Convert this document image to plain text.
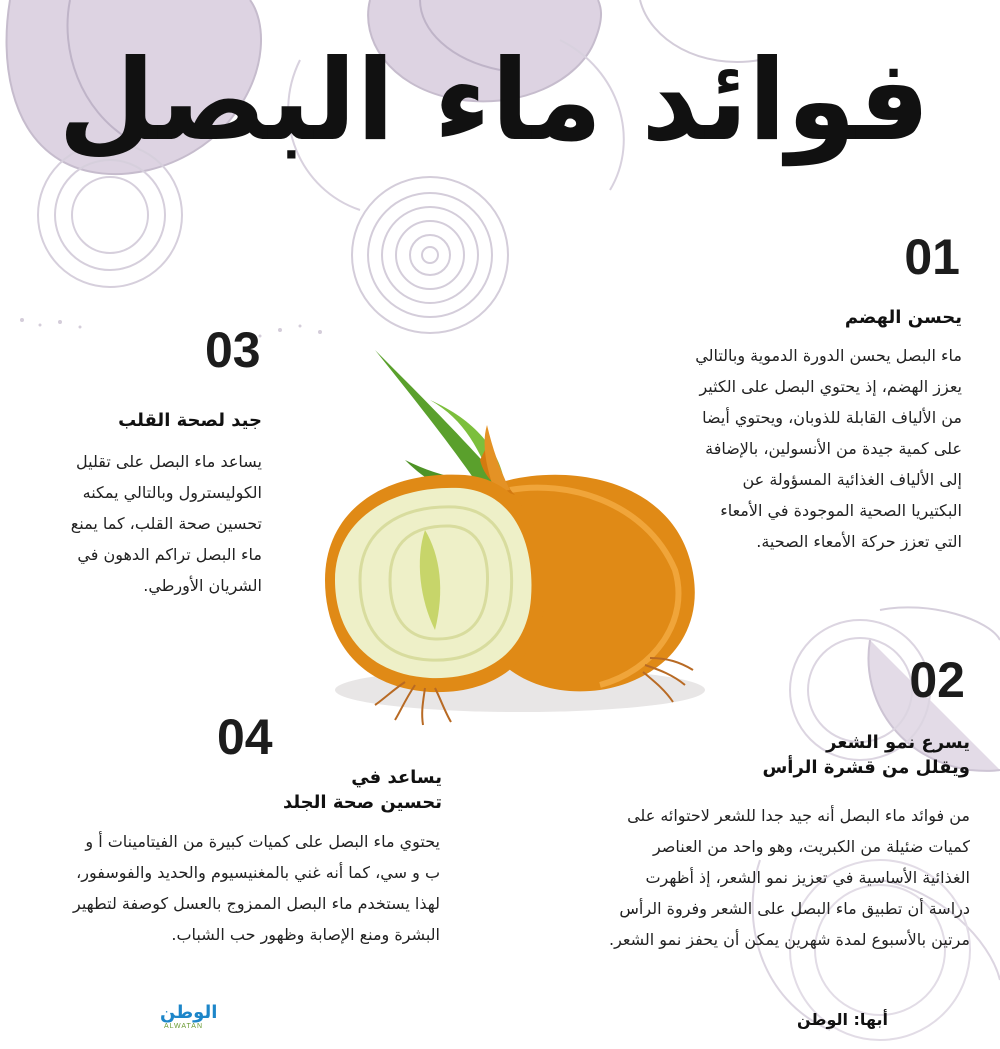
فوائد ماء البصل
01
يحسن الهضم
ماء البصل يحسن الدورة الدموية وبالتالي
يعزز الهضم، إذ يحتوي البصل على الكثير
من الألياف القابلة للذوبان، ويحتوي أيضا
على كمية جيدة من الأنسولين، بالإضافة
إلى الألياف الغذائية المسؤولة عن
البكتيريا الصحية الموجودة في الأمعاء
التي تعزز حركة الأمعاء الصحية.
02
يسرع نمو الشعر
ويقلل من قشرة الرأس
من فوائد ماء البصل أنه جيد جدا للشعر لاحتوائه على
كميات ضئيلة من الكبريت، وهو واحد من العناصر
الغذائية الأساسية في تعزيز نمو الشعر، إذ أظهرت
دراسة أن تطبيق ماء البصل على الشعر وفروة الرأس
مرتين بالأسبوع لمدة شهرين يمكن أن يحفز نمو الشعر.
03
جيد لصحة القلب
يساعد ماء البصل على تقليل
الكوليسترول وبالتالي يمكنه
تحسين صحة القلب، كما يمنع
ماء البصل تراكم الدهون في
الشريان الأورطي.
04
يساعد في
تحسين صحة الجلد
يحتوي ماء البصل على كميات كبيرة من الفيتامينات أ و
ب و سي، كما أنه غني بالمغنيسيوم والحديد والفوسفور،
لهذا يستخدم ماء البصل الممزوج بالعسل كوصفة لتطهير
البشرة ومنع الإصابة وظهور حب الشباب.
أبها: الوطن
الوطن
ALWATAN
